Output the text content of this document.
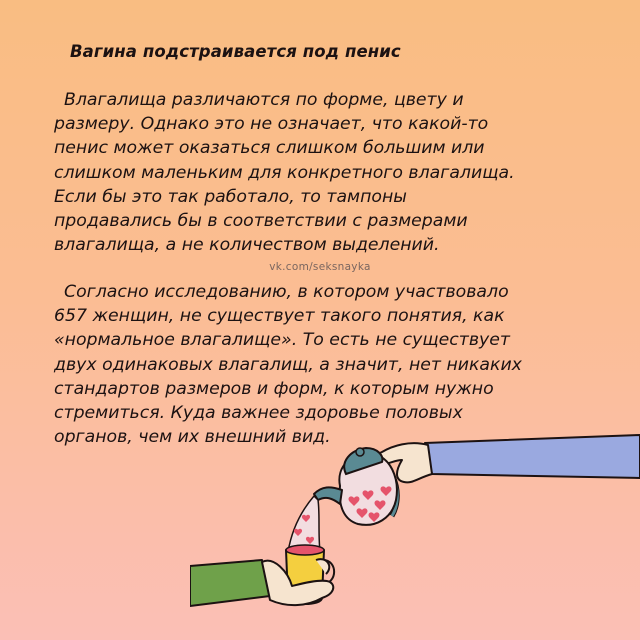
Вагина подстраивается под пенис

Влагалища различаются по форме, цвету и
размеру. Однако это не означает, что какой-то
пенис может оказаться слишком большим или
слишком маленьким для конкретного влагалища.
Если бы это так работало, то тампоны
продавались бы в соответствии с размерами
влагалища, а не количеством выделений.

vk.com/seksnayka

Согласно исследованию, в котором участвовало
657 женщин, не существует такого понятия, как
«нормальное влагалище». То есть не существует
двух одинаковых влагалищ, а значит, нет никаких
стандартов размеров и форм, к которым нужно
стремиться. Куда важнее здоровье половых
органов, чем их внешний вид.
